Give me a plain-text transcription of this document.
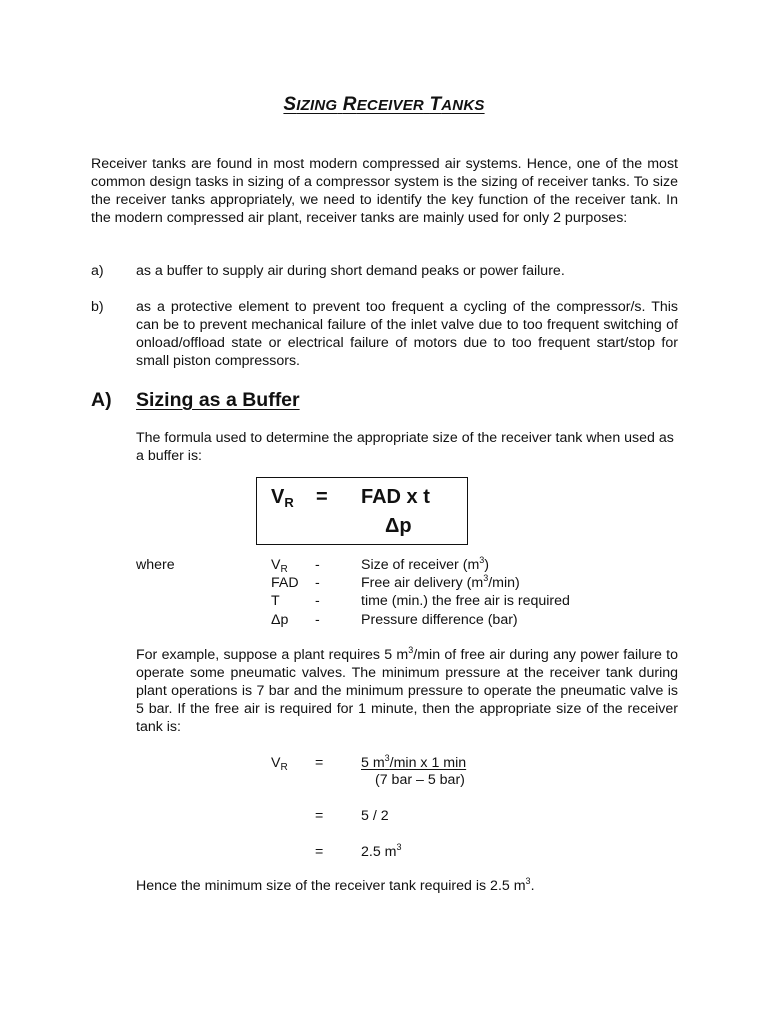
SIZING RECEIVER TANKS
Receiver tanks are found in most modern compressed air systems. Hence, one of the most common design tasks in sizing of a compressor system is the sizing of receiver tanks. To size the receiver tanks appropriately, we need to identify the key function of the receiver tank. In the modern compressed air plant, receiver tanks are mainly used for only 2 purposes:
a) as a buffer to supply air during short demand peaks or power failure.
b) as a protective element to prevent too frequent a cycling of the compressor/s. This can be to prevent mechanical failure of the inlet valve due to too frequent switching of onload/offload state or electrical failure of motors due to too frequent start/stop for small piston compressors.
A) Sizing as a Buffer
The formula used to determine the appropriate size of the receiver tank when used as a buffer is:
$V_R$ = FAD x t
Δp
where	$V_R$ -	Size of receiver $(m^3)$
FAD -	Free air delivery $(m^3/\min)$
T -	time (min.) the free air is required
Δp -	Pressure difference (bar)
For example, suppose a plant requires 5 $m^3/\min$ of free air during any power failure to operate some pneumatic valves. The minimum pressure at the receiver tank during plant operations is 7 bar and the minimum pressure to operate the pneumatic valve is 5 bar. If the free air is required for 1 minute, then the appropriate size of the receiver tank is:
$V_R$ =	5 $m^3/\min$ x 1 min
(7 bar – 5 bar)
=	5 / 2
=	2.5 $m^3$
Hence the minimum size of the receiver tank required is 2.5 $m^3$.
